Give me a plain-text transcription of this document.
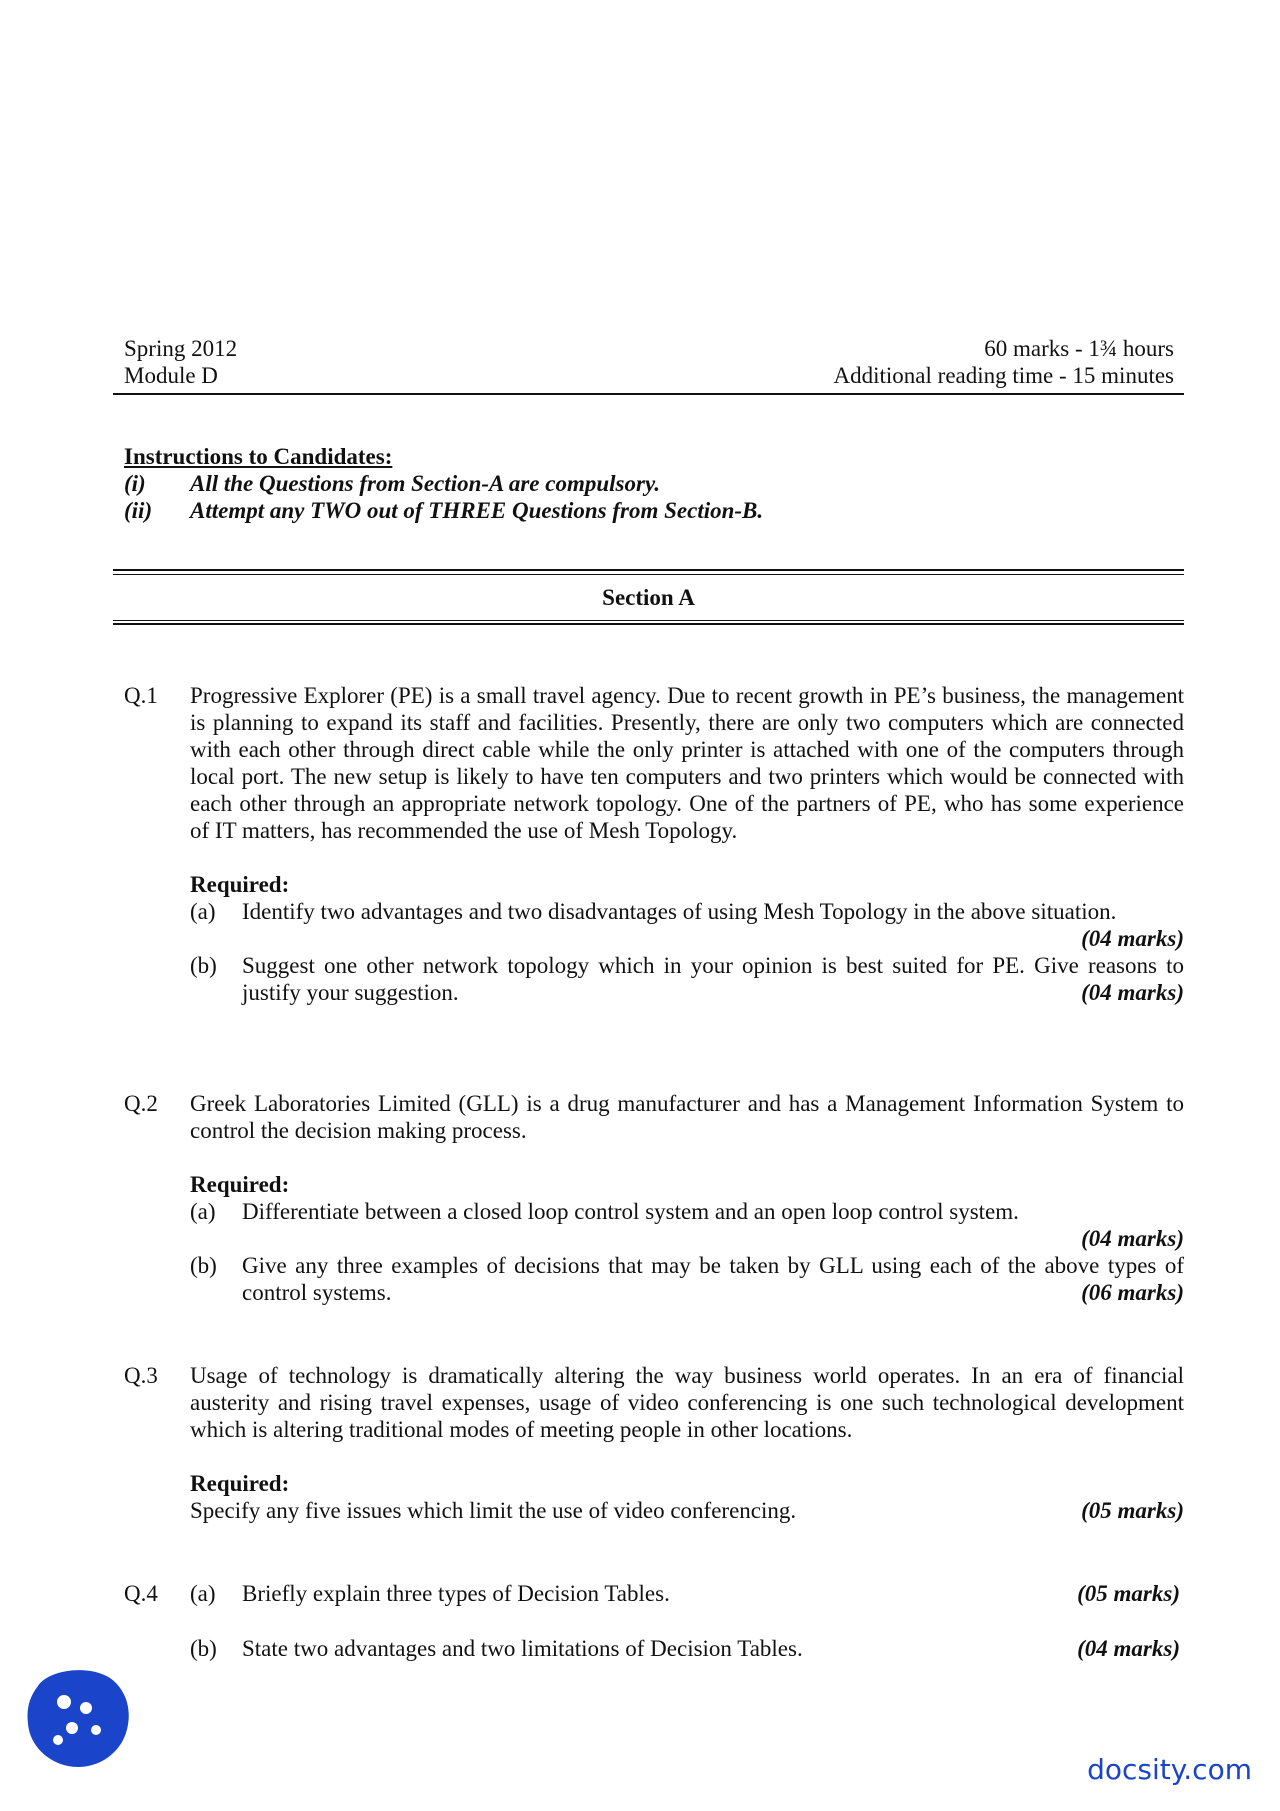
Spring 2012
Module D
60 marks - 1¾ hours
Additional reading time - 15 minutes
Instructions to Candidates:
(i)	All the Questions from Section-A are compulsory.
(ii)	Attempt any TWO out of THREE Questions from Section-B.
Section A
Q.1	Progressive Explorer (PE) is a small travel agency. Due to recent growth in PE’s business, the management is planning to expand its staff and facilities. Presently, there are only two computers which are connected with each other through direct cable while the only printer is attached with one of the computers through local port. The new setup is likely to have ten computers and two printers which would be connected with each other through an appropriate network topology. One of the partners of PE, who has some experience of IT matters, has recommended the use of Mesh Topology.
Required:
(a)	Identify two advantages and two disadvantages of using Mesh Topology in the above situation.
(04 marks)
(b)	Suggest one other network topology which in your opinion is best suited for PE. Give reasons to justify your suggestion.	(04 marks)
Q.2	Greek Laboratories Limited (GLL) is a drug manufacturer and has a Management Information System to control the decision making process.
Required:
(a)	Differentiate between a closed loop control system and an open loop control system.
(04 marks)
(b)	Give any three examples of decisions that may be taken by GLL using each of the above types of control systems.	(06 marks)
Q.3	Usage of technology is dramatically altering the way business world operates. In an era of financial austerity and rising travel expenses, usage of video conferencing is one such technological development which is altering traditional modes of meeting people in other locations.
Required:
Specify any five issues which limit the use of video conferencing.	(05 marks)
Q.4	(a)	Briefly explain three types of Decision Tables.	(05 marks)
(b)	State two advantages and two limitations of Decision Tables.	(04 marks)
docsity.com
